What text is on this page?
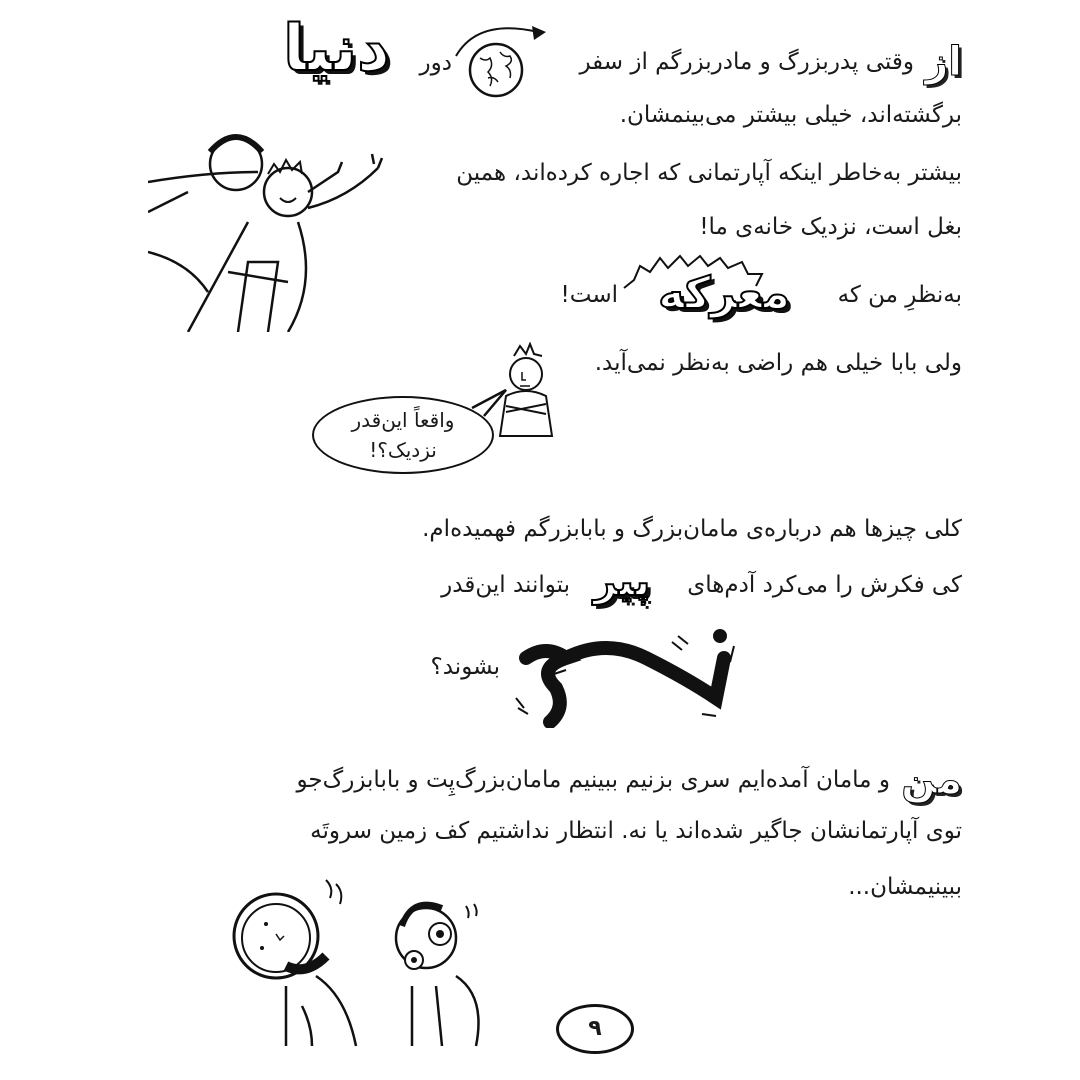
از وقتی پدربزرگ و مادربزرگم از سفر
دور
دنیا
برگشته‌اند، خیلی بیشتر می‌بینمشان.
بیشتر به‌خاطر اینکه آپارتمانی که اجاره کرده‌اند، همین
بغل است، نزدیک خانه‌ی ما!
به‌نظرِ من که
معرکه
است!
ولی بابا خیلی هم راضی به‌نظر نمی‌آید.
واقعاً این‌قدر
نزدیک؟!
کلی چیزها هم درباره‌ی مامان‌بزرگ و بابابزرگم فهمیده‌ام.
کی فکرش را می‌کرد آدم‌های
پیر
بتوانند این‌قدر
بشوند؟
من و مامان آمده‌ایم سری بزنیم ببینیم مامان‌بزرگ‌پِت و بابابزرگ‌جو
توی آپارتمانشان جاگیر شده‌اند یا نه. انتظار نداشتیم کف زمین سروتَه
ببینیمشان...
۹
